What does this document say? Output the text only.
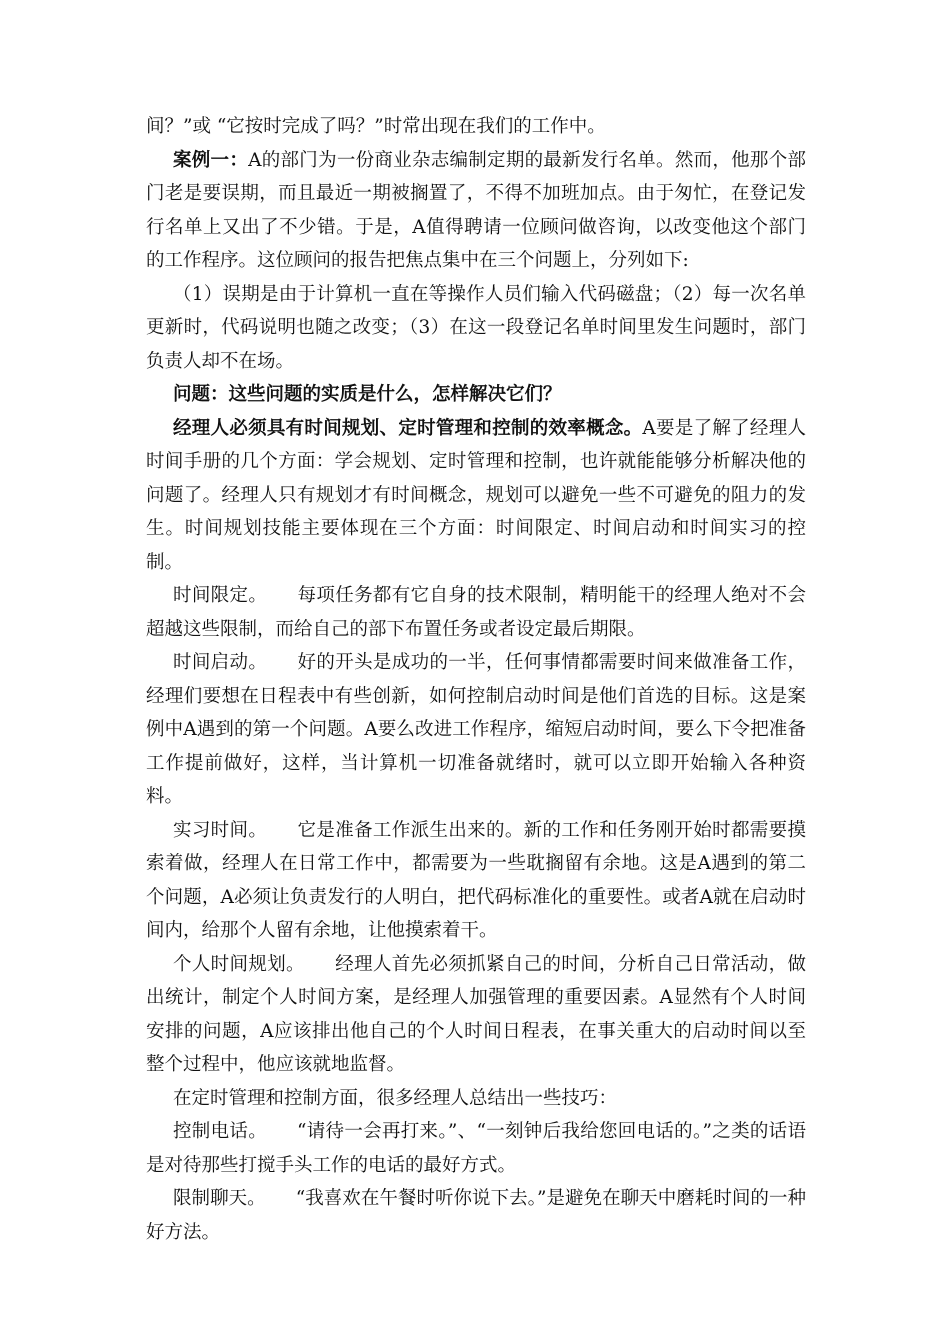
间？”或 “它按时完成了吗？”时常出现在我们的工作中。

案例一：A的部门为一份商业杂志编制定期的最新发行名单。然而，他那个部门老是要误期，而且最近一期被搁置了，不得不加班加点。由于匆忙，在登记发行名单上又出了不少错。于是，A值得聘请一位顾问做咨询，以改变他这个部门的工作程序。这位顾问的报告把焦点集中在三个问题上，分列如下:

（1）误期是由于计算机一直在等操作人员们输入代码磁盘；（2）每一次名单更新时，代码说明也随之改变；（3）在这一段登记名单时间里发生问题时，部门负责人却不在场。

问题：这些问题的实质是什么，怎样解决它们？

经理人必须具有时间规划、定时管理和控制的效率概念。A要是了解了经理人时间手册的几个方面：学会规划、定时管理和控制，也许就能能够分析解决他的问题了。经理人只有规划才有时间概念，规划可以避免一些不可避免的阻力的发生。时间规划技能主要体现在三个方面：时间限定、时间启动和时间实习的控制。

时间限定。 每项任务都有它自身的技术限制，精明能干的经理人绝对不会超越这些限制，而给自己的部下布置任务或者设定最后期限。

时间启动。 好的开头是成功的一半，任何事情都需要时间来做准备工作，经理们要想在日程表中有些创新，如何控制启动时间是他们首选的目标。这是案例中A遇到的第一个问题。A要么改进工作程序，缩短启动时间，要么下令把准备工作提前做好，这样，当计算机一切准备就绪时，就可以立即开始输入各种资料。

实习时间。 它是准备工作派生出来的。新的工作和任务刚开始时都需要摸索着做，经理人在日常工作中，都需要为一些耽搁留有余地。这是A遇到的第二个问题，A必须让负责发行的人明白，把代码标准化的重要性。或者A就在启动时间内，给那个人留有余地，让他摸索着干。

个人时间规划。 经理人首先必须抓紧自己的时间，分析自己日常活动，做出统计，制定个人时间方案，是经理人加强管理的重要因素。A显然有个人时间安排的问题，A应该排出他自己的个人时间日程表，在事关重大的启动时间以至整个过程中，他应该就地监督。

在定时管理和控制方面，很多经理人总结出一些技巧：

控制电话。 “请待一会再打来。”、“一刻钟后我给您回电话的。”之类的话语是对待那些打搅手头工作的电话的最好方式。

限制聊天。 “我喜欢在午餐时听你说下去。”是避免在聊天中磨耗时间的一种好方法。
